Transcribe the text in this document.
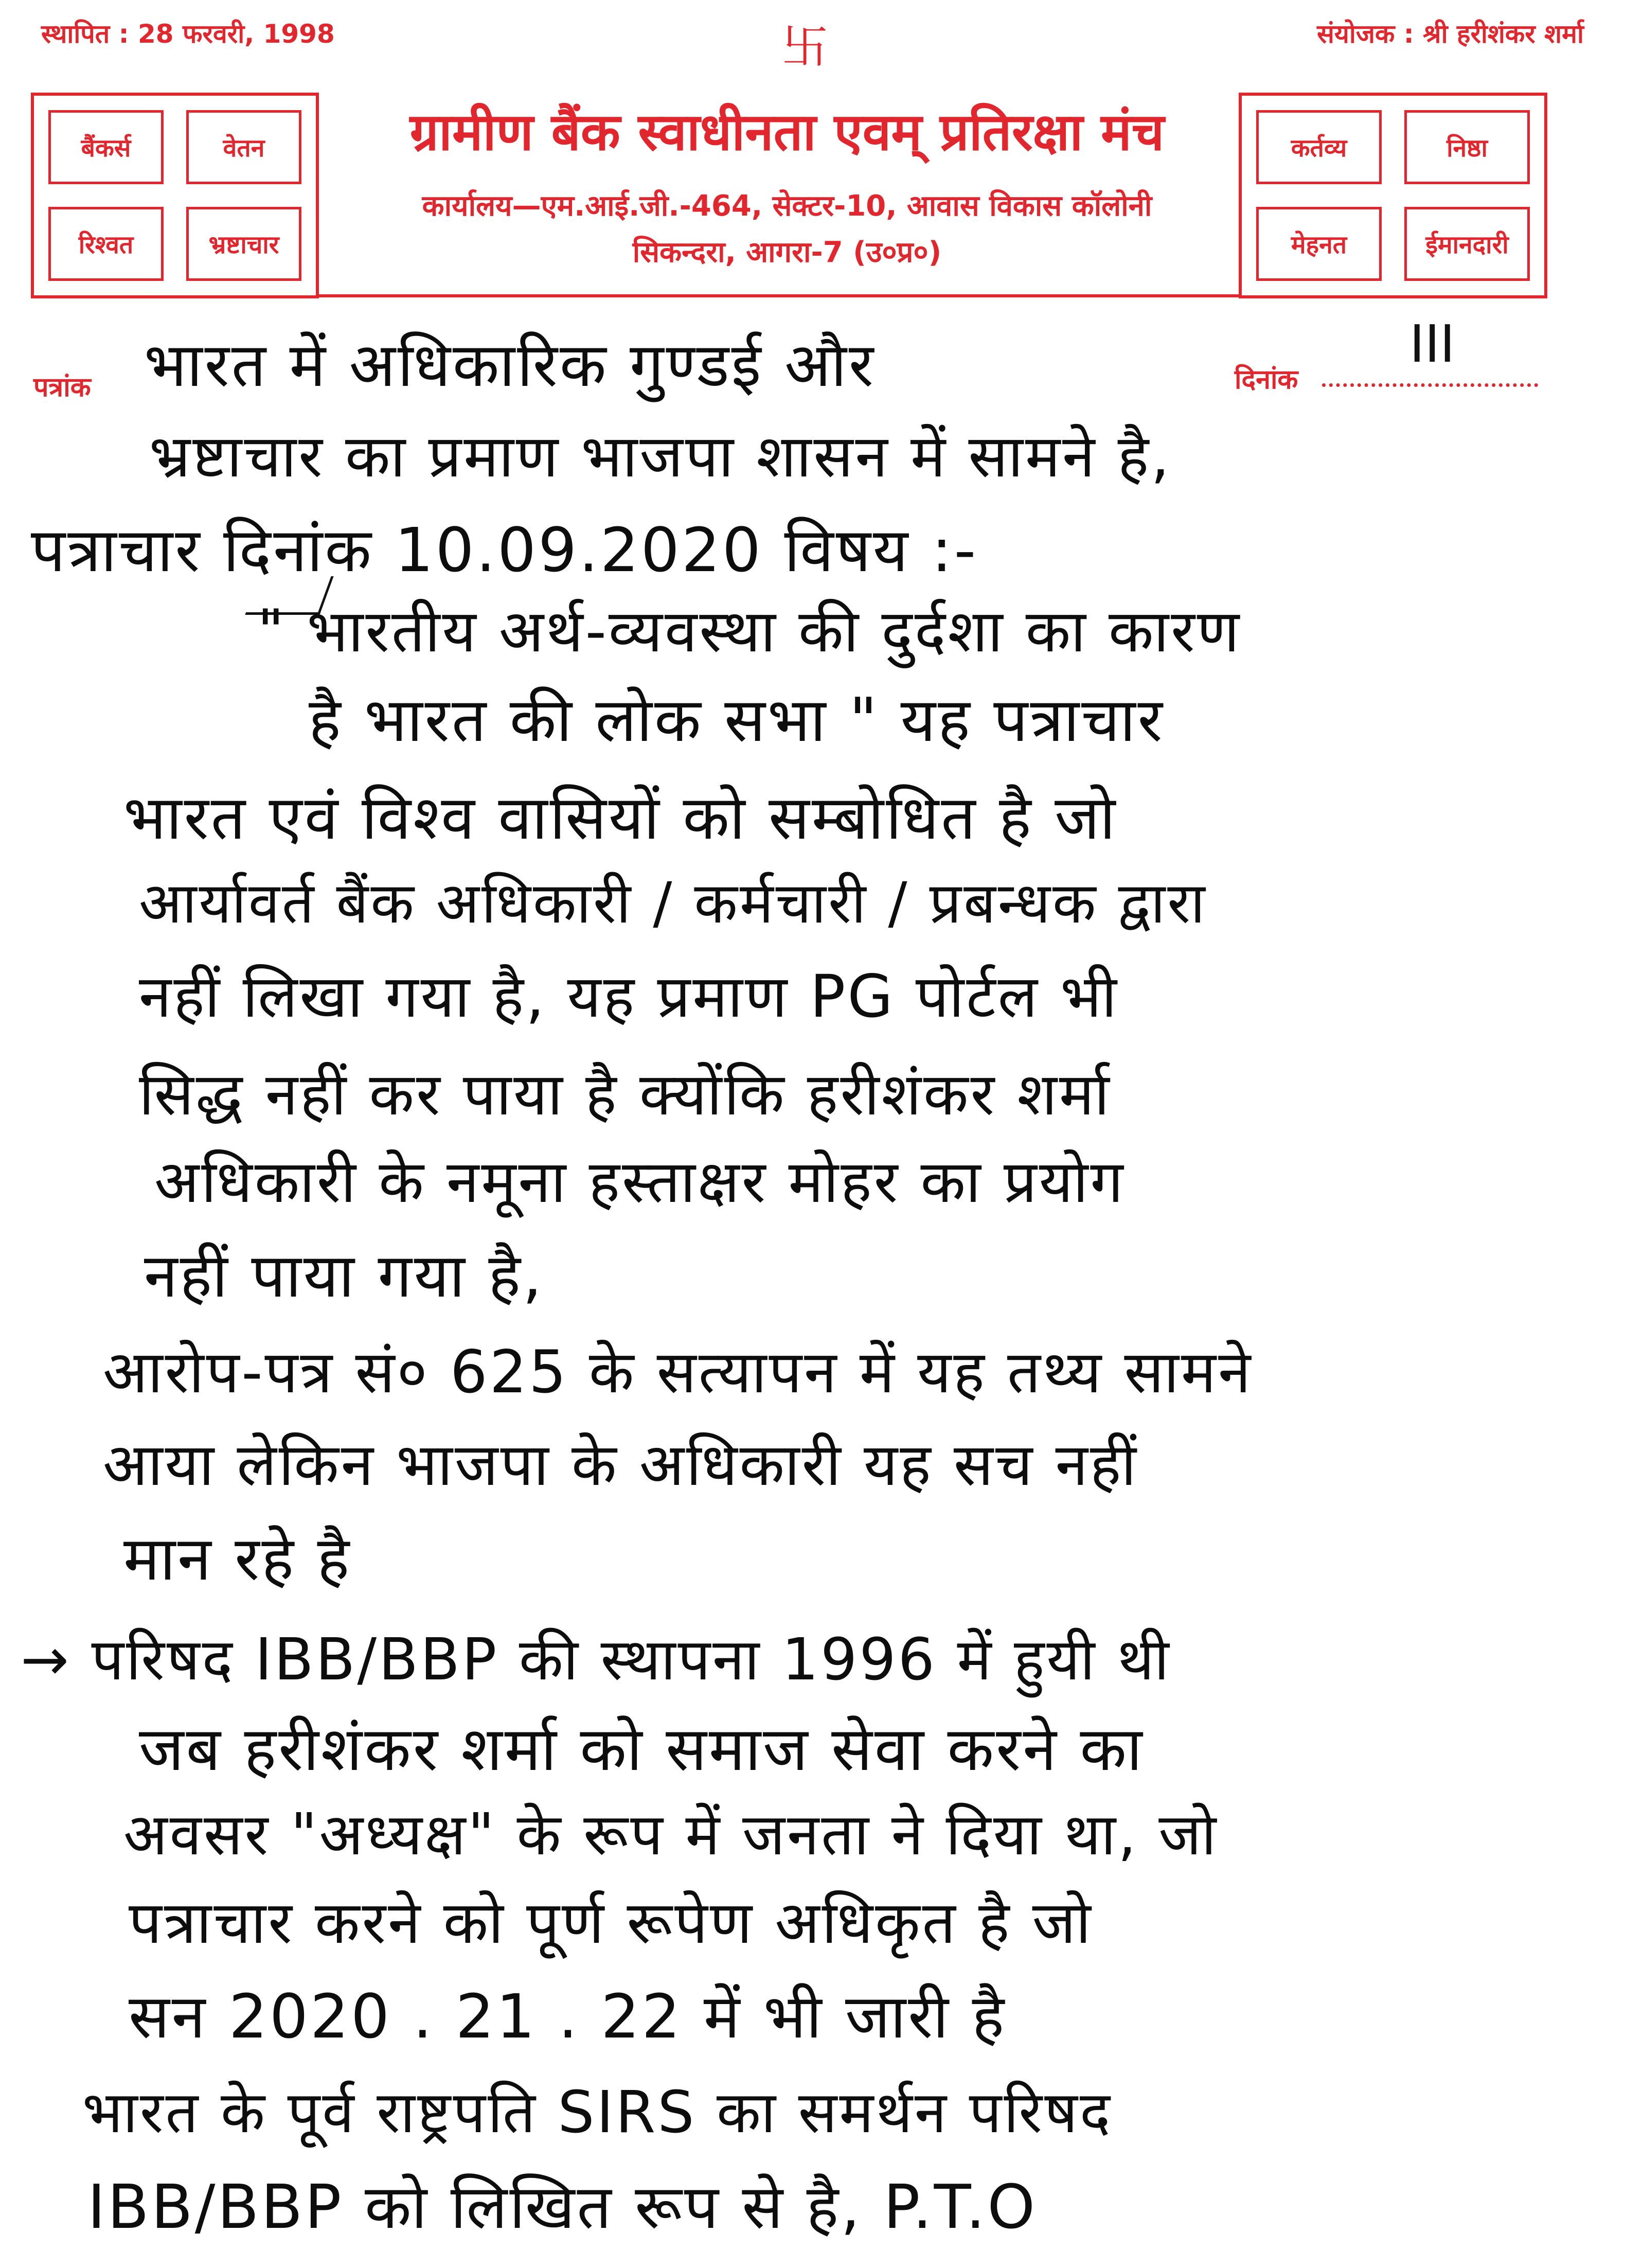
स्थापित : 28 फरवरी, 1998	卐	संयोजक : श्री हरीशंकर शर्मा
बैंकर्स	वेतन
रिश्वत	भ्रष्टाचार
ग्रामीण बैंक स्वाधीनता एवम् प्रतिरक्षा मंच
कार्यालय—एम.आई.जी.-464, सेक्टर-10, आवास विकास कॉलोनी
सिकन्दरा, आगरा-7 (उ०प्र०)
कर्तव्य	निष्ठा
मेहनत	ईमानदारी
पत्रांक	दिनांक
III
भारत में अधिकारिक गुण्डई और
भ्रष्टाचार का प्रमाण भाजपा शासन में सामने है,
पत्राचार दिनांक 10.09.2020 विषय :-
" भारतीय अर्थ-व्यवस्था की दुर्दशा का कारण
है भारत की लोक सभा " यह पत्राचार
भारत एवं विश्व वासियों को सम्बोधित है जो
आर्यावर्त बैंक अधिकारी / कर्मचारी / प्रबन्धक द्वारा
नहीं लिखा गया है, यह प्रमाण PG पोर्टल भी
सिद्ध नहीं कर पाया है क्योंकि हरीशंकर शर्मा
अधिकारी के नमूना हस्ताक्षर मोहर का प्रयोग
नहीं पाया गया है,
आरोप-पत्र सं० 625 के सत्यापन में यह तथ्य सामने
आया लेकिन भाजपा के अधिकारी यह सच नहीं
मान रहे है
→ परिषद IBB/BBP की स्थापना 1996 में हुयी थी
जब हरीशंकर शर्मा को समाज सेवा करने का
अवसर "अध्यक्ष" के रूप में जनता ने दिया था, जो
पत्राचार करने को पूर्ण रूपेण अधिकृत है जो
सन 2020 . 21 . 22 में भी जारी है
भारत के पूर्व राष्ट्रपति SIRS का समर्थन परिषद
IBB/BBP को लिखित रूप से है, P.T.O
